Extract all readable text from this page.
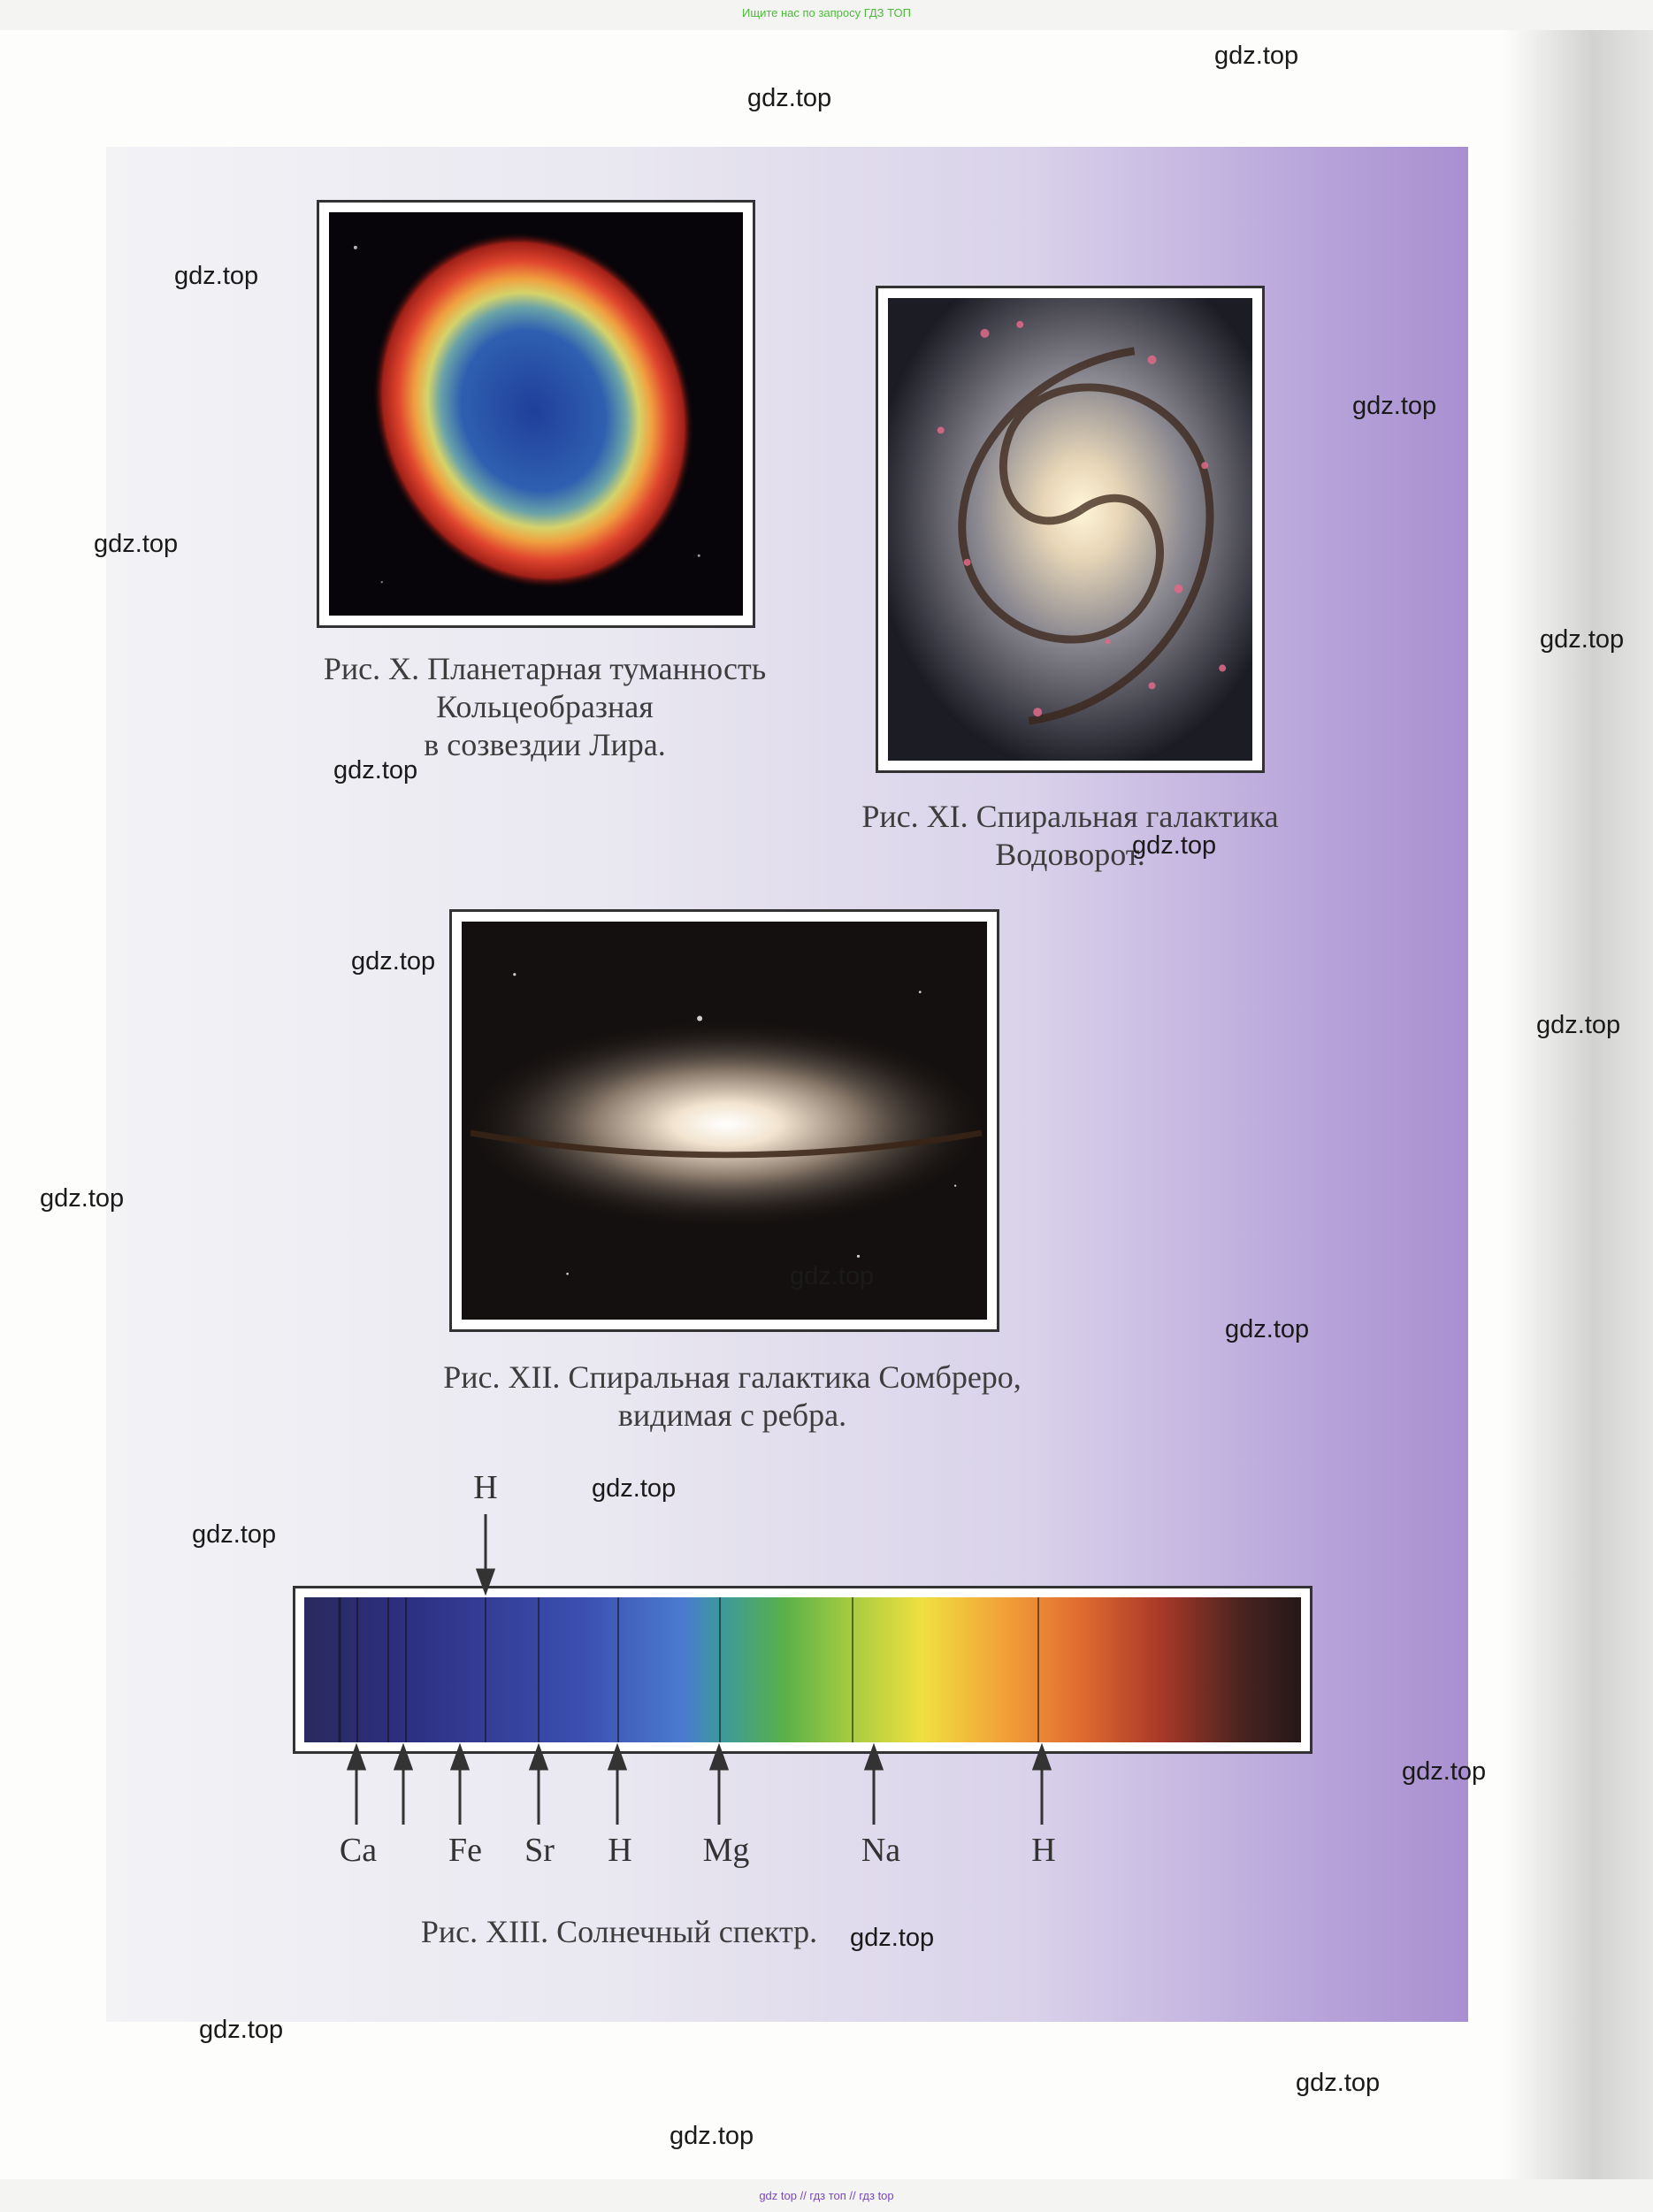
Ищите нас по запросу ГДЗ ТОП
Рис. X. Планетарная туманность
Кольцеобразная
в созвездии Лира.
Рис. XI. Спиральная галактика
Водоворот.
Рис. XII. Спиральная галактика Сомбреро,
видимая с ребра.
H
Ca Fe Sr H Mg	Na	H
Рис. XIII. Солнечный спектр.
gdz.top
gdz.top
gdz.top
gdz.top
gdz.top
gdz.top
gdz.top
gdz.top
gdz.top
gdz.top
gdz.top
gdz.top
gdz.top
gdz.top
gdz.top
gdz.top
gdz.top
gdz.top
gdz.top
gdz.top
gdz top // гдз топ // гдз top
